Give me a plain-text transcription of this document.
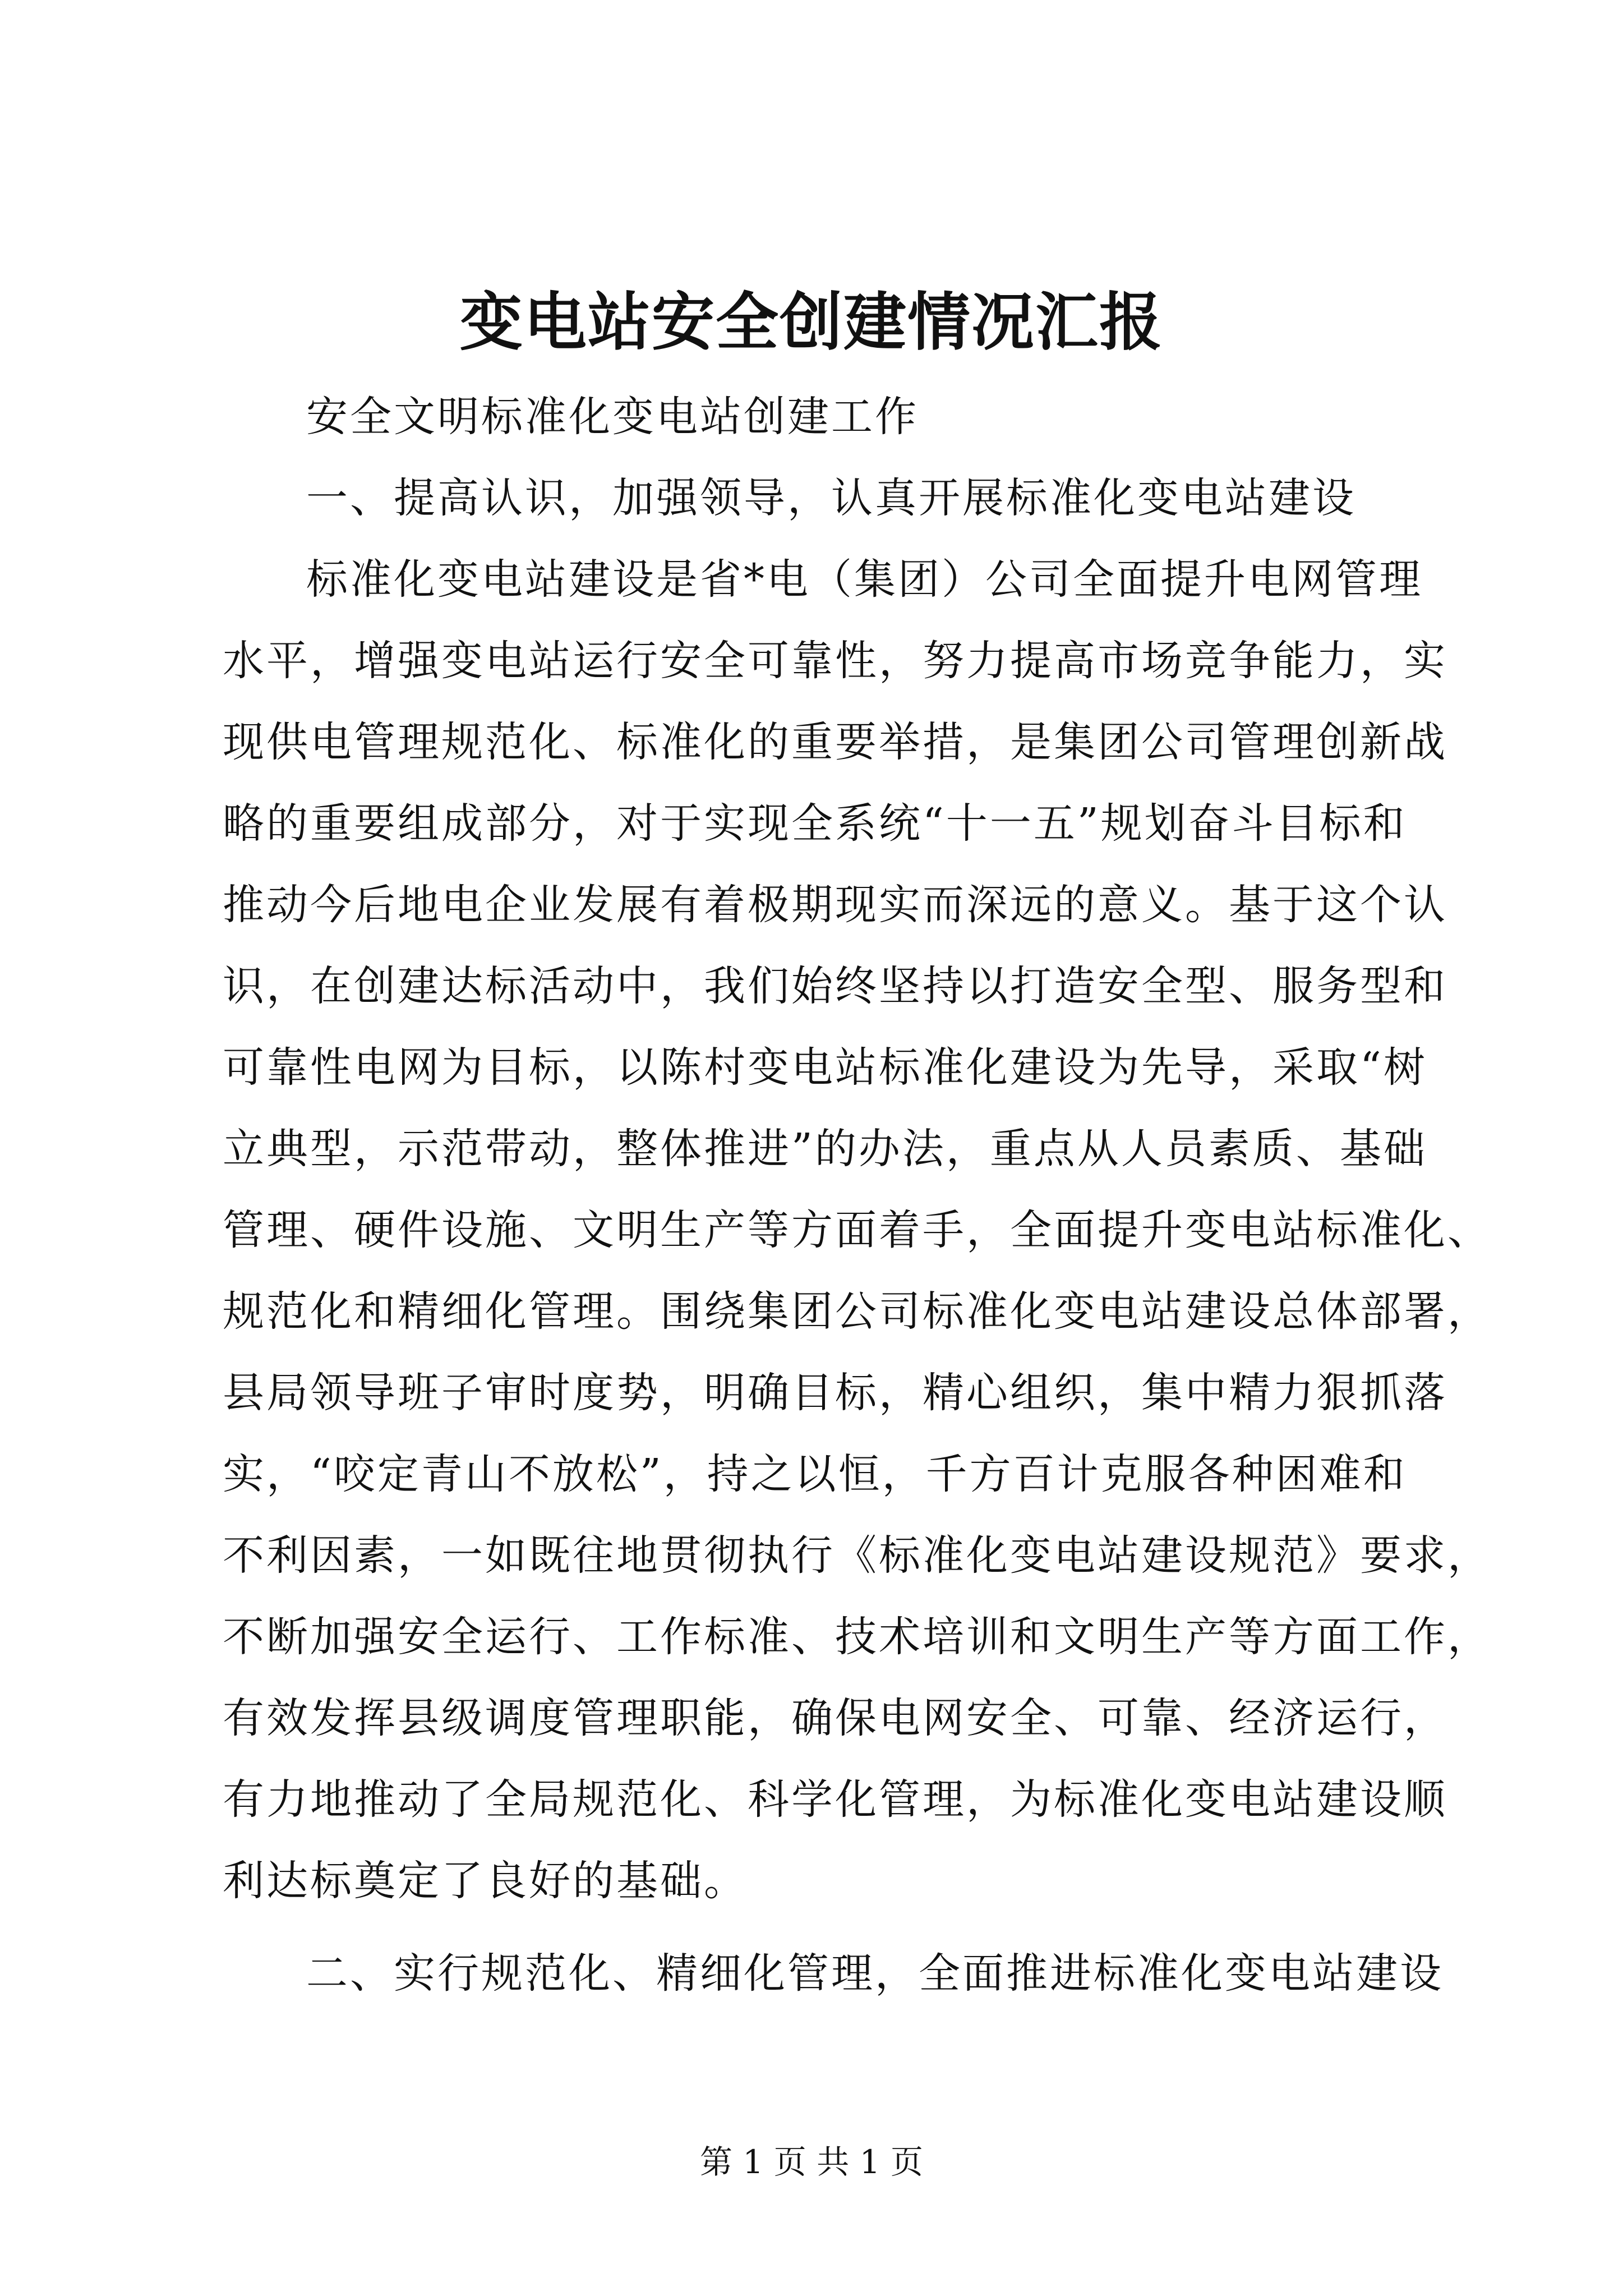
变电站安全创建情况汇报
安全文明标准化变电站创建工作
一、提高认识，加强领导，认真开展标准化变电站建设
标准化变电站建设是省*电（集团）公司全面提升电网管理
水平，增强变电站运行安全可靠性，努力提高市场竞争能力，实
现供电管理规范化、标准化的重要举措，是集团公司管理创新战
略的重要组成部分，对于实现全系统“十一五”规划奋斗目标和
推动今后地电企业发展有着极期现实而深远的意义。基于这个认
识，在创建达标活动中，我们始终坚持以打造安全型、服务型和
可靠性电网为目标，以陈村变电站标准化建设为先导，采取“树
立典型，示范带动，整体推进”的办法，重点从人员素质、基础
管理、硬件设施、文明生产等方面着手，全面提升变电站标准化、
规范化和精细化管理。围绕集团公司标准化变电站建设总体部署，
县局领导班子审时度势，明确目标，精心组织，集中精力狠抓落
实，“咬定青山不放松”，持之以恒，千方百计克服各种困难和
不利因素，一如既往地贯彻执行《标准化变电站建设规范》要求，
不断加强安全运行、工作标准、技术培训和文明生产等方面工作，
有效发挥县级调度管理职能，确保电网安全、可靠、经济运行，
有力地推动了全局规范化、科学化管理，为标准化变电站建设顺
利达标奠定了良好的基础。
二、实行规范化、精细化管理，全面推进标准化变电站建设
第 1 页 共 1 页
